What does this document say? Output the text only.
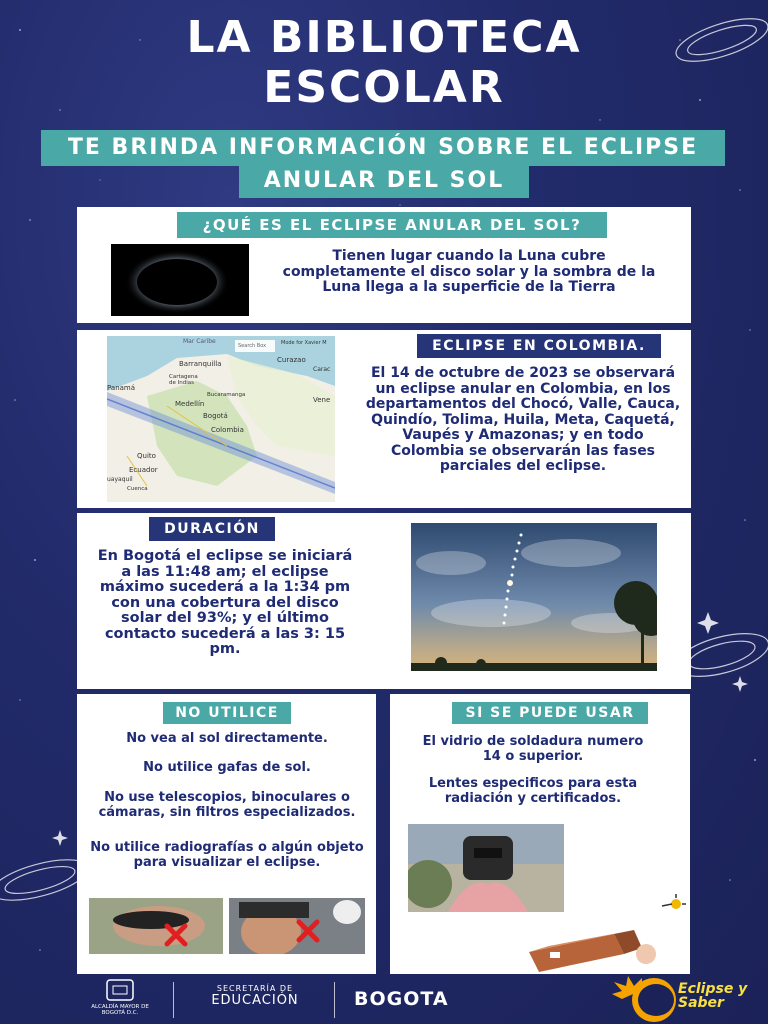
LA BIBLIOTECA
ESCOLAR
TE BRINDA INFORMACIÓN SOBRE EL ECLIPSE
ANULAR DEL SOL
¿QUÉ ES EL ECLIPSE ANULAR DEL SOL?
Tienen lugar cuando la Luna cubre completamente el disco solar y la sombra de la Luna llega a la superficie de la Tierra
Mar Caribe
Search Box	Mode for Xavier M
Barranquilla
Cartagena de Indias
Curazao
Carac
Panamá
Medellín
Bucaramanga
Bogotá
Colombia
Vene
Quito
Ecuador
uayaquil
Cuenca
ECLIPSE EN COLOMBIA.
El 14 de octubre de 2023 se observará un eclipse anular en Colombia, en los departamentos del Chocó, Valle, Cauca, Quindío, Tolima, Huila, Meta, Caquetá, Vaupés y Amazonas; y en todo Colombia se observarán las fases parciales del eclipse.
DURACIÓN
En Bogotá el eclipse se iniciará a las 11:48 am; el eclipse máximo sucederá a la 1:34 pm con una cobertura del disco solar del 93%; y el último contacto sucederá a las 3: 15 pm.
NO UTILICE
No vea al sol directamente.
No utilice gafas de sol.
No use telescopios, binoculares o cámaras, sin filtros especializados.
No utilice radiografías o algún objeto para visualizar el eclipse.
SI SE PUEDE USAR
El vidrio de soldadura numero 14 o superior.
Lentes especificos para esta radiación y certificados.
ALCALDÍA MAYOR DE BOGOTÁ D.C.
SECRETARÍA DE
EDUCACIÓN	BOGOTA	Eclipse y Saber
